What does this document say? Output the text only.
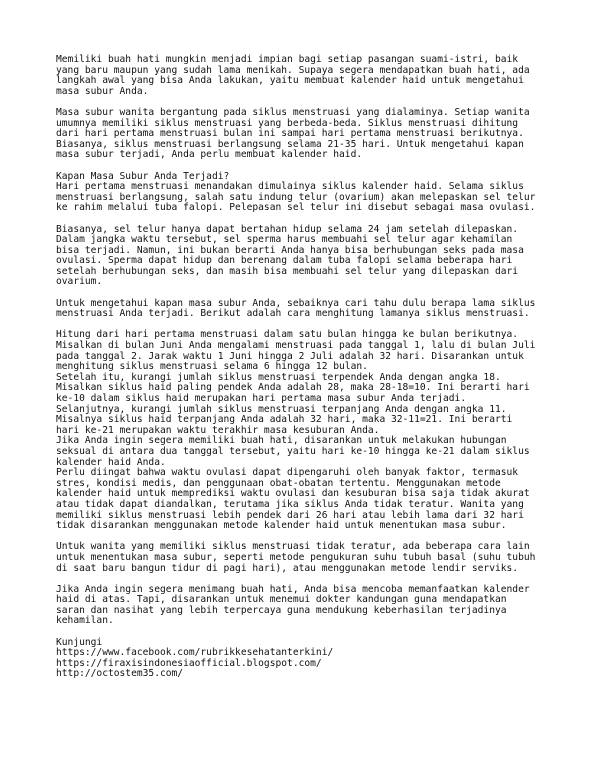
Memiliki buah hati mungkin menjadi impian bagi setiap pasangan suami-istri, baik
yang baru maupun yang sudah lama menikah. Supaya segera mendapatkan buah hati, ada
langkah awal yang bisa Anda lakukan, yaitu membuat kalender haid untuk mengetahui
masa subur Anda.
Masa subur wanita bergantung pada siklus menstruasi yang dialaminya. Setiap wanita
umumnya memiliki siklus menstruasi yang berbeda-beda. Siklus menstruasi dihitung
dari hari pertama menstruasi bulan ini sampai hari pertama menstruasi berikutnya.
Biasanya, siklus menstruasi berlangsung selama 21-35 hari. Untuk mengetahui kapan
masa subur terjadi, Anda perlu membuat kalender haid.
Kapan Masa Subur Anda Terjadi?
Hari pertama menstruasi menandakan dimulainya siklus kalender haid. Selama siklus
menstruasi berlangsung, salah satu indung telur (ovarium) akan melepaskan sel telur
ke rahim melalui tuba falopi. Pelepasan sel telur ini disebut sebagai masa ovulasi.
Biasanya, sel telur hanya dapat bertahan hidup selama 24 jam setelah dilepaskan.
Dalam jangka waktu tersebut, sel sperma harus membuahi sel telur agar kehamilan
bisa terjadi. Namun, ini bukan berarti Anda hanya bisa berhubungan seks pada masa
ovulasi. Sperma dapat hidup dan berenang dalam tuba falopi selama beberapa hari
setelah berhubungan seks, dan masih bisa membuahi sel telur yang dilepaskan dari
ovarium.
Untuk mengetahui kapan masa subur Anda, sebaiknya cari tahu dulu berapa lama siklus
menstruasi Anda terjadi. Berikut adalah cara menghitung lamanya siklus menstruasi.
Hitung dari hari pertama menstruasi dalam satu bulan hingga ke bulan berikutnya.
Misalkan di bulan Juni Anda mengalami menstruasi pada tanggal 1, lalu di bulan Juli
pada tanggal 2. Jarak waktu 1 Juni hingga 2 Juli adalah 32 hari. Disarankan untuk
menghitung siklus menstruasi selama 6 hingga 12 bulan.
Setelah itu, kurangi jumlah siklus menstruasi terpendek Anda dengan angka 18.
Misalkan siklus haid paling pendek Anda adalah 28, maka 28-18=10. Ini berarti hari
ke-10 dalam siklus haid merupakan hari pertama masa subur Anda terjadi.
Selanjutnya, kurangi jumlah siklus menstruasi terpanjang Anda dengan angka 11.
Misalnya siklus haid terpanjang Anda adalah 32 hari, maka 32-11=21. Ini berarti
hari ke-21 merupakan waktu terakhir masa kesuburan Anda.
Jika Anda ingin segera memiliki buah hati, disarankan untuk melakukan hubungan
seksual di antara dua tanggal tersebut, yaitu hari ke-10 hingga ke-21 dalam siklus
kalender haid Anda.
Perlu diingat bahwa waktu ovulasi dapat dipengaruhi oleh banyak faktor, termasuk
stres, kondisi medis, dan penggunaan obat-obatan tertentu. Menggunakan metode
kalender haid untuk memprediksi waktu ovulasi dan kesuburan bisa saja tidak akurat
atau tidak dapat diandalkan, terutama jika siklus Anda tidak teratur. Wanita yang
memiliki siklus menstruasi lebih pendek dari 26 hari atau lebih lama dari 32 hari
tidak disarankan menggunakan metode kalender haid untuk menentukan masa subur.
Untuk wanita yang memiliki siklus menstruasi tidak teratur, ada beberapa cara lain
untuk menentukan masa subur, seperti metode pengukuran suhu tubuh basal (suhu tubuh
di saat baru bangun tidur di pagi hari), atau menggunakan metode lendir serviks.
Jika Anda ingin segera menimang buah hati, Anda bisa mencoba memanfaatkan kalender
haid di atas. Tapi, disarankan untuk menemui dokter kandungan guna mendapatkan
saran dan nasihat yang lebih terpercaya guna mendukung keberhasilan terjadinya
kehamilan.
Kunjungi
https://www.facebook.com/rubrikkesehatanterkini/
https://firaxisindonesiaofficial.blogspot.com/
http://octostem35.com/
